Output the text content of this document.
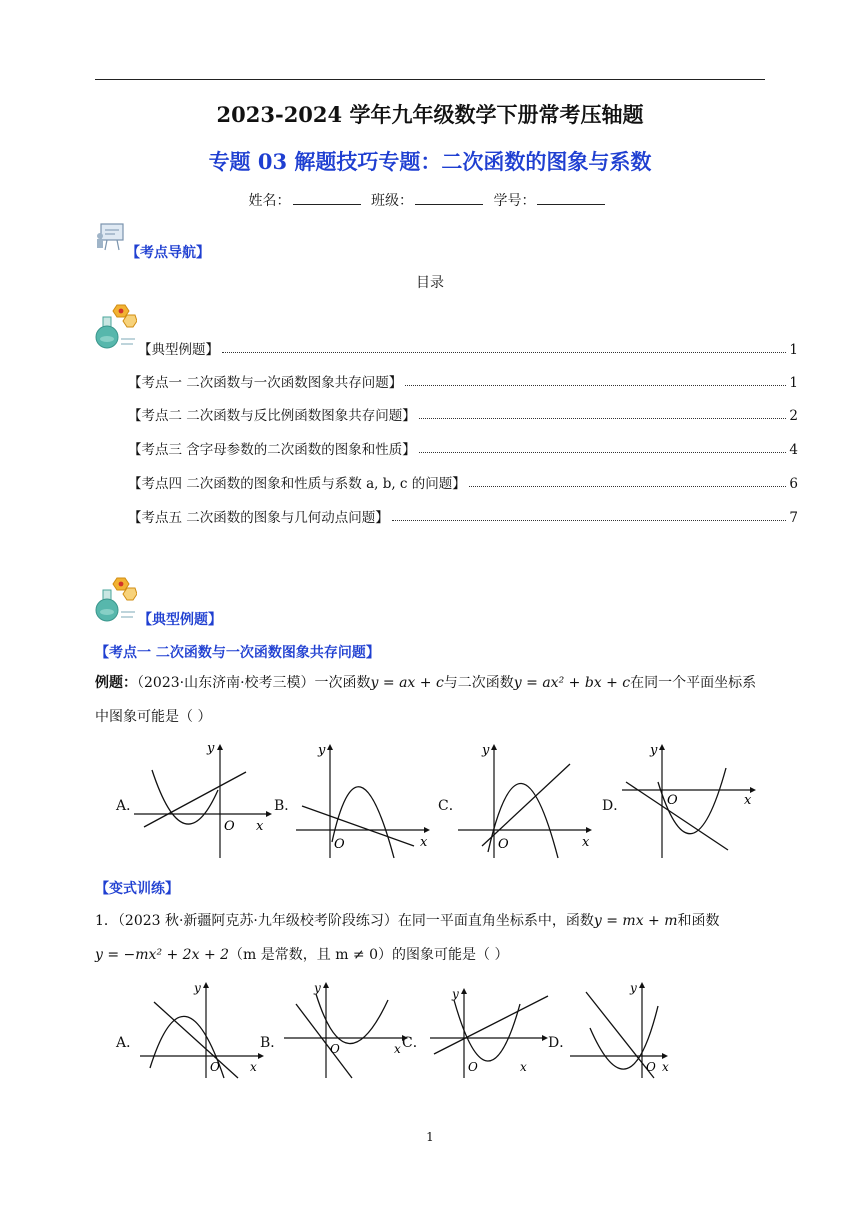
2023-2024 学年九年级数学下册常考压轴题
专题 03 解题技巧专题：二次函数的图象与系数
姓名：	班级：	学号：
【考点导航】
目录
【典型例题】	1
【考点一 二次函数与一次函数图象共存问题】	1
【考点二 二次函数与反比例函数图象共存问题】	2
【考点三 含字母参数的二次函数的图象和性质】	4
【考点四 二次函数的图象和性质与系数 a, b, c 的问题】	6
【考点五 二次函数的图象与几何动点问题】	7
【典型例题】
【考点一 二次函数与一次函数图象共存问题】
例题：（2023·山东济南·校考三模）一次函数y = ax + c与二次函数y = ax² + bx + c在同一个平面坐标系
中图象可能是（ ）
A．
y
O x
B．
y
O	x
C．
y
O	x
D．
y
O	x
【变式训练】
1．（2023 秋·新疆阿克苏·九年级校考阶段练习）在同一平面直角坐标系中，函数y = mx + m和函数
y = −mx² + 2x + 2（m 是常数，且 m ≠ 0）的图象可能是（ ）
A．
y
O	x
B．
y
O	x C．
y
O	x
D．
y
O x
1
